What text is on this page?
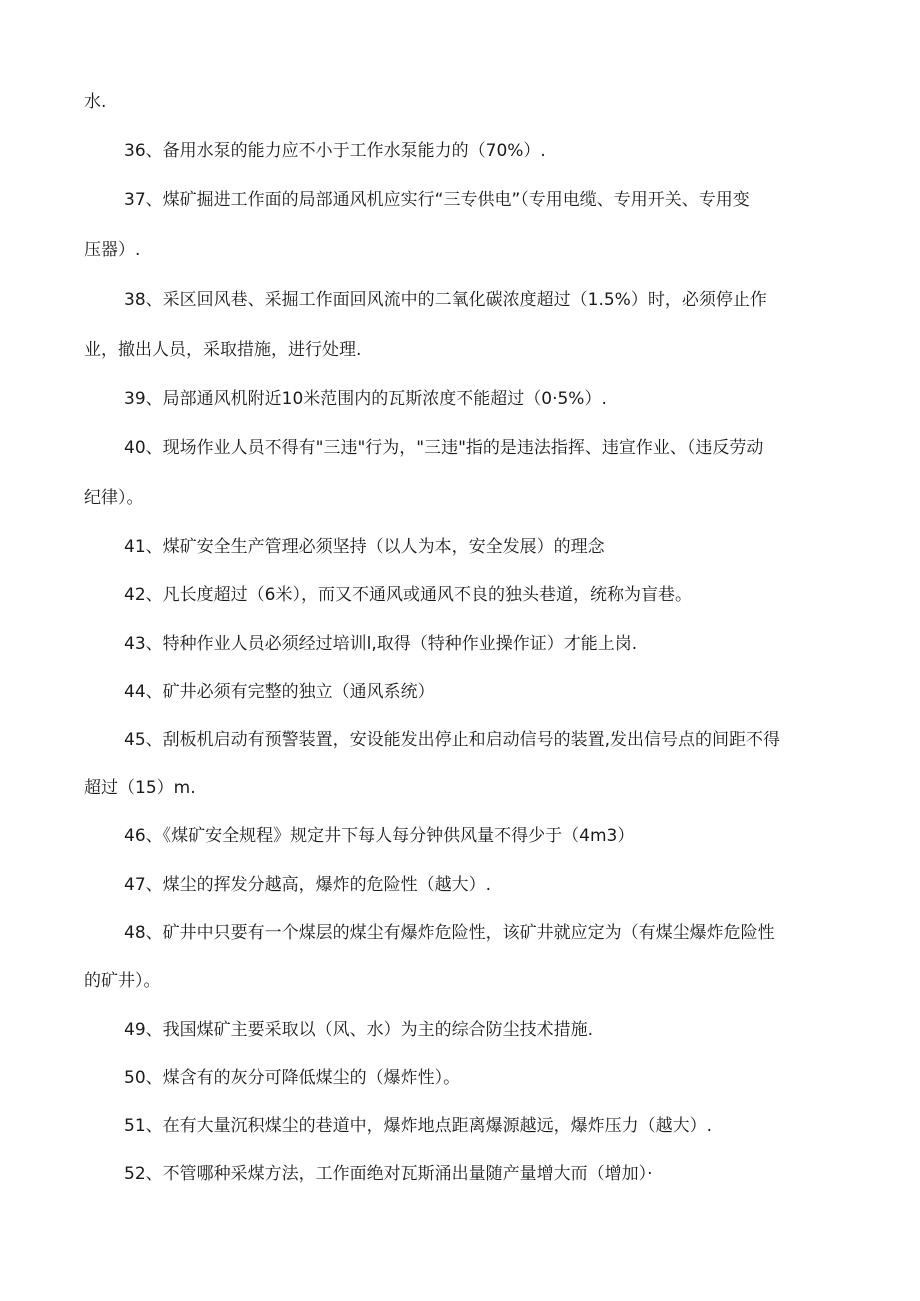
水.
36、备用水泵的能力应不小于工作水泵能力的（70%）.
37、煤矿掘进工作面的局部通风机应实行“三专供电”（专用电缆、专用开关、专用变
压器）.
38、采区回风巷、采掘工作面回风流中的二氧化碳浓度超过（1.5%）时，必须停止作
业，撤出人员，采取措施，进行处理.
39、局部通风机附近10米范围内的瓦斯浓度不能超过（0·5%）.
40、现场作业人员不得有"三违"行为，"三违"指的是违法指挥、违宣作业、（违反劳动
纪律）。
41、煤矿安全生产管理必须坚持（以人为本，安全发展）的理念
42、凡长度超过（6米），而又不通风或通风不良的独头巷道，统称为盲巷。
43、特种作业人员必须经过培训l,取得（特种作业操作证）才能上岗.
44、矿井必须有完整的独立（通风系统）
45、刮板机启动有预警装置，安设能发出停止和启动信号的装置,发出信号点的间距不得
超过（15）m.
46、《煤矿安全规程》规定井下每人每分钟供风量不得少于（4m3）
47、煤尘的挥发分越高，爆炸的危险性（越大）.
48、矿井中只要有一个煤层的煤尘有爆炸危险性，该矿井就应定为（有煤尘爆炸危险性
的矿井）。
49、我国煤矿主要采取以（风、水）为主的综合防尘技术措施.
50、煤含有的灰分可降低煤尘的（爆炸性）。
51、在有大量沉积煤尘的巷道中，爆炸地点距离爆源越远，爆炸压力（越大）.
52、不管哪种采煤方法，工作面绝对瓦斯涌出量随产量增大而（增加）·
